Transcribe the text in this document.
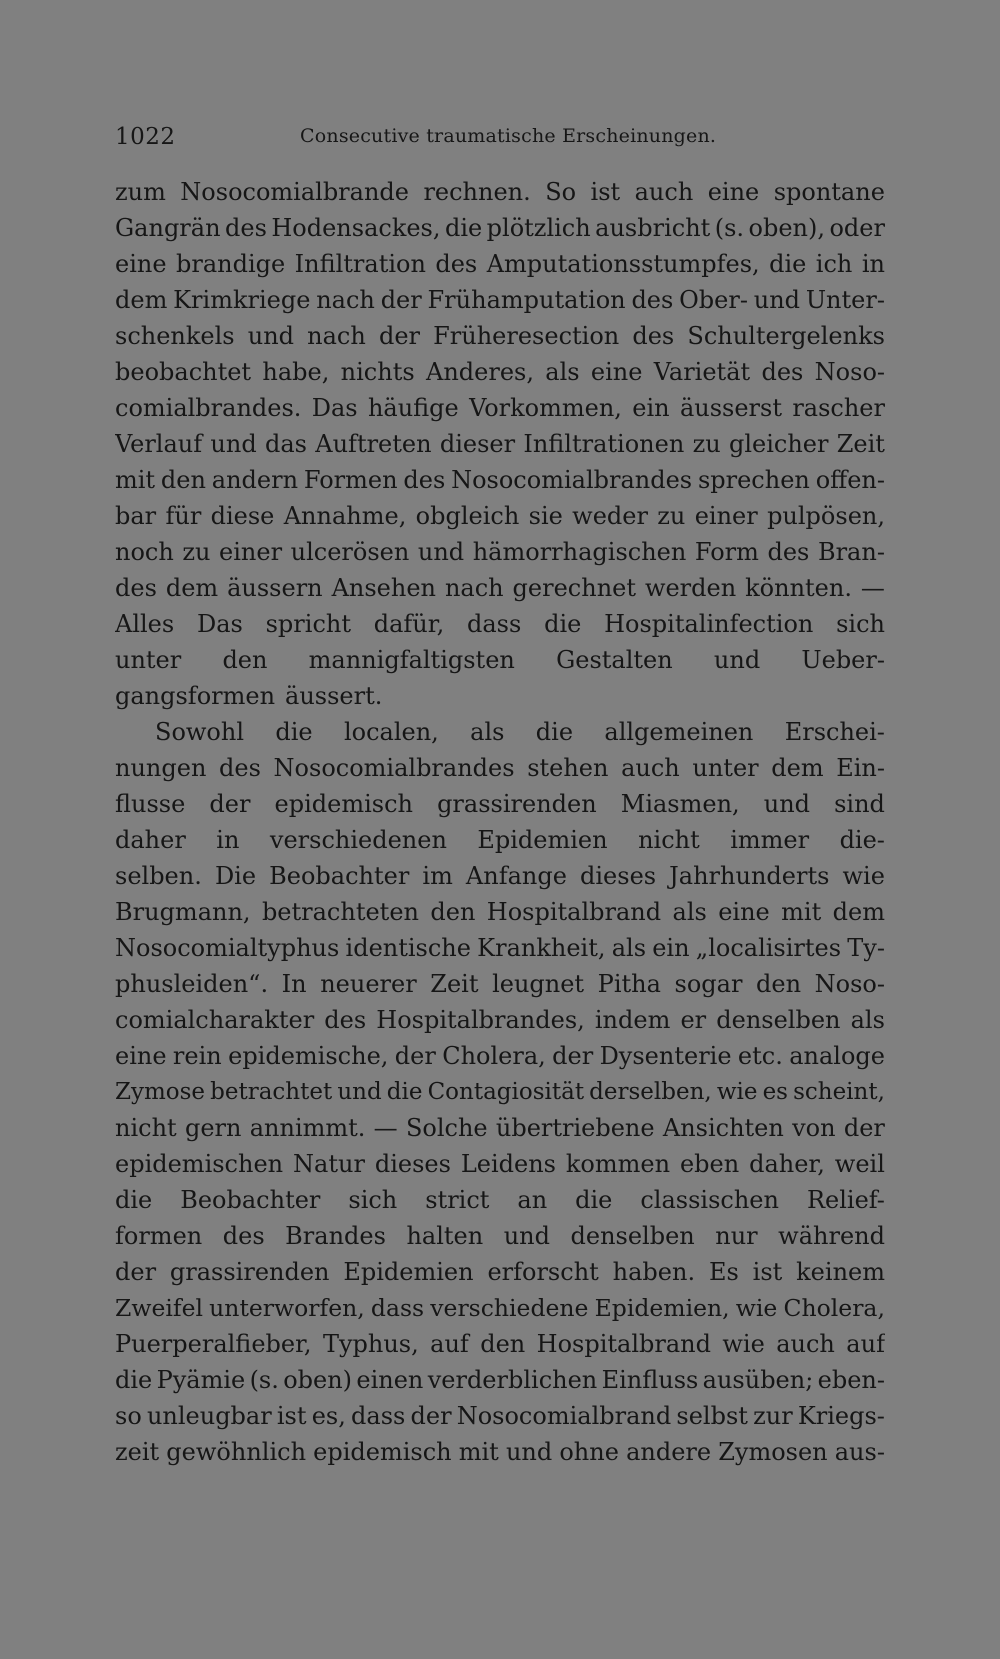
1022	Consecutive traumatische Erscheinungen.
zum Nosocomialbrande rechnen. So ist auch eine spontane
Gangrän des Hodensackes, die plötzlich ausbricht (s. oben), oder
eine brandige Infiltration des Amputationsstumpfes, die ich in
dem Krimkriege nach der Frühamputation des Ober- und Unter-
schenkels und nach der Früheresection des Schultergelenks
beobachtet habe, nichts Anderes, als eine Varietät des Noso-
comialbrandes. Das häufige Vorkommen, ein äusserst rascher
Verlauf und das Auftreten dieser Infiltrationen zu gleicher Zeit
mit den andern Formen des Nosocomialbrandes sprechen offen-
bar für diese Annahme, obgleich sie weder zu einer pulpösen,
noch zu einer ulcerösen und hämorrhagischen Form des Bran-
des dem äussern Ansehen nach gerechnet werden könnten. —
Alles Das spricht dafür, dass die Hospitalinfection sich
unter den mannigfaltigsten Gestalten und Ueber-
gangsformen äussert.
Sowohl die localen, als die allgemeinen Erschei-
nungen des Nosocomialbrandes stehen auch unter dem Ein-
flusse der epidemisch grassirenden Miasmen, und sind
daher in verschiedenen Epidemien nicht immer die-
selben. Die Beobachter im Anfange dieses Jahrhunderts wie
Brugmann, betrachteten den Hospitalbrand als eine mit dem
Nosocomialtyphus identische Krankheit, als ein „localisirtes Ty-
phusleiden“. In neuerer Zeit leugnet Pitha sogar den Noso-
comialcharakter des Hospitalbrandes, indem er denselben als
eine rein epidemische, der Cholera, der Dysenterie etc. analoge
Zymose betrachtet und die Contagiosität derselben, wie es scheint,
nicht gern annimmt. — Solche übertriebene Ansichten von der
epidemischen Natur dieses Leidens kommen eben daher, weil
die Beobachter sich strict an die classischen Relief-
formen des Brandes halten und denselben nur während
der grassirenden Epidemien erforscht haben. Es ist keinem
Zweifel unterworfen, dass verschiedene Epidemien, wie Cholera,
Puerperalfieber, Typhus, auf den Hospitalbrand wie auch auf
die Pyämie (s. oben) einen verderblichen Einfluss ausüben; eben-
so unleugbar ist es, dass der Nosocomialbrand selbst zur Kriegs-
zeit gewöhnlich epidemisch mit und ohne andere Zymosen aus-
